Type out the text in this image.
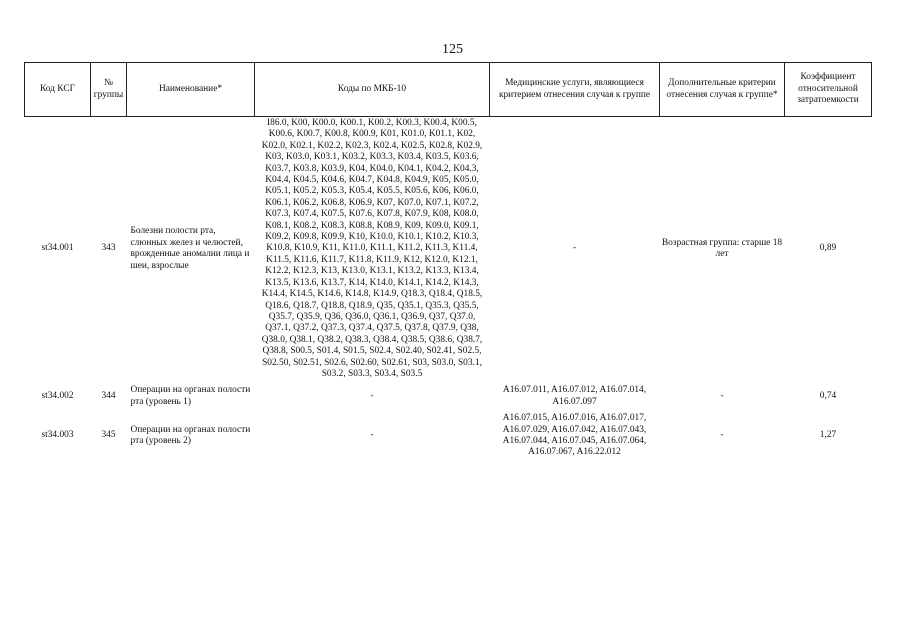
125
Код КСГ	№ группы	Наименование*	Коды по МКБ-10	Медицинские услуги, являющиеся критерием отнесения случая к группе	Дополнительные критерии отнесения случая к группе*	Коэффициент относительной затратоемкости
st34.001	343	Болезни полости рта, слюнных желез и челюстей, врожденные аномалии лица и шеи, взрослые	I86.0, K00, K00.0, K00.1, K00.2, K00.3, K00.4, K00.5, K00.6, K00.7, K00.8, K00.9, K01, K01.0, K01.1, K02, K02.0, K02.1, K02.2, K02.3, K02.4, K02.5, K02.8, K02.9, K03, K03.0, K03.1, K03.2, K03.3, K03.4, K03.5, K03.6, K03.7, K03.8, K03.9, K04, K04.0, K04.1, K04.2, K04.3, K04.4, K04.5, K04.6, K04.7, K04.8, K04.9, K05, K05.0, K05.1, K05.2, K05.3, K05.4, K05.5, K05.6, K06, K06.0, K06.1, K06.2, K06.8, K06.9, K07, K07.0, K07.1, K07.2, K07.3, K07.4, K07.5, K07.6, K07.8, K07.9, K08, K08.0, K08.1, K08.2, K08.3, K08.8, K08.9, K09, K09.0, K09.1, K09.2, K09.8, K09.9, K10, K10.0, K10.1, K10.2, K10.3, K10.8, K10.9, K11, K11.0, K11.1, K11.2, K11.3, K11.4, K11.5, K11.6, K11.7, K11.8, K11.9, K12, K12.0, K12.1, K12.2, K12.3, K13, K13.0, K13.1, K13.2, K13.3, K13.4, K13.5, K13.6, K13.7, K14, K14.0, K14.1, K14.2, K14.3, K14.4, K14.5, K14.6, K14.8, K14.9, Q18.3, Q18.4, Q18.5, Q18.6, Q18.7, Q18.8, Q18.9, Q35, Q35.1, Q35.3, Q35.5, Q35.7, Q35.9, Q36, Q36.0, Q36.1, Q36.9, Q37, Q37.0, Q37.1, Q37.2, Q37.3, Q37.4, Q37.5, Q37.8, Q37.9, Q38, Q38.0, Q38.1, Q38.2, Q38.3, Q38.4, Q38.5, Q38.6, Q38.7, Q38.8, S00.5, S01.4, S01.5, S02.4, S02.40, S02.41, S02.5, S02.50, S02.51, S02.6, S02.60, S02.61, S03, S03.0, S03.1, S03.2, S03.3, S03.4, S03.5	-	Возрастная группа: старше 18 лет	0,89
st34.002	344	Операции на органах полости рта (уровень 1)	-	A16.07.011, A16.07.012, A16.07.014, A16.07.097	-	0,74
st34.003	345	Операции на органах полости рта (уровень 2)	-	A16.07.015, A16.07.016, A16.07.017, A16.07.029, A16.07.042, A16.07.043, A16.07.044, A16.07.045, A16.07.064, A16.07.067, A16.22.012	-	1,27
